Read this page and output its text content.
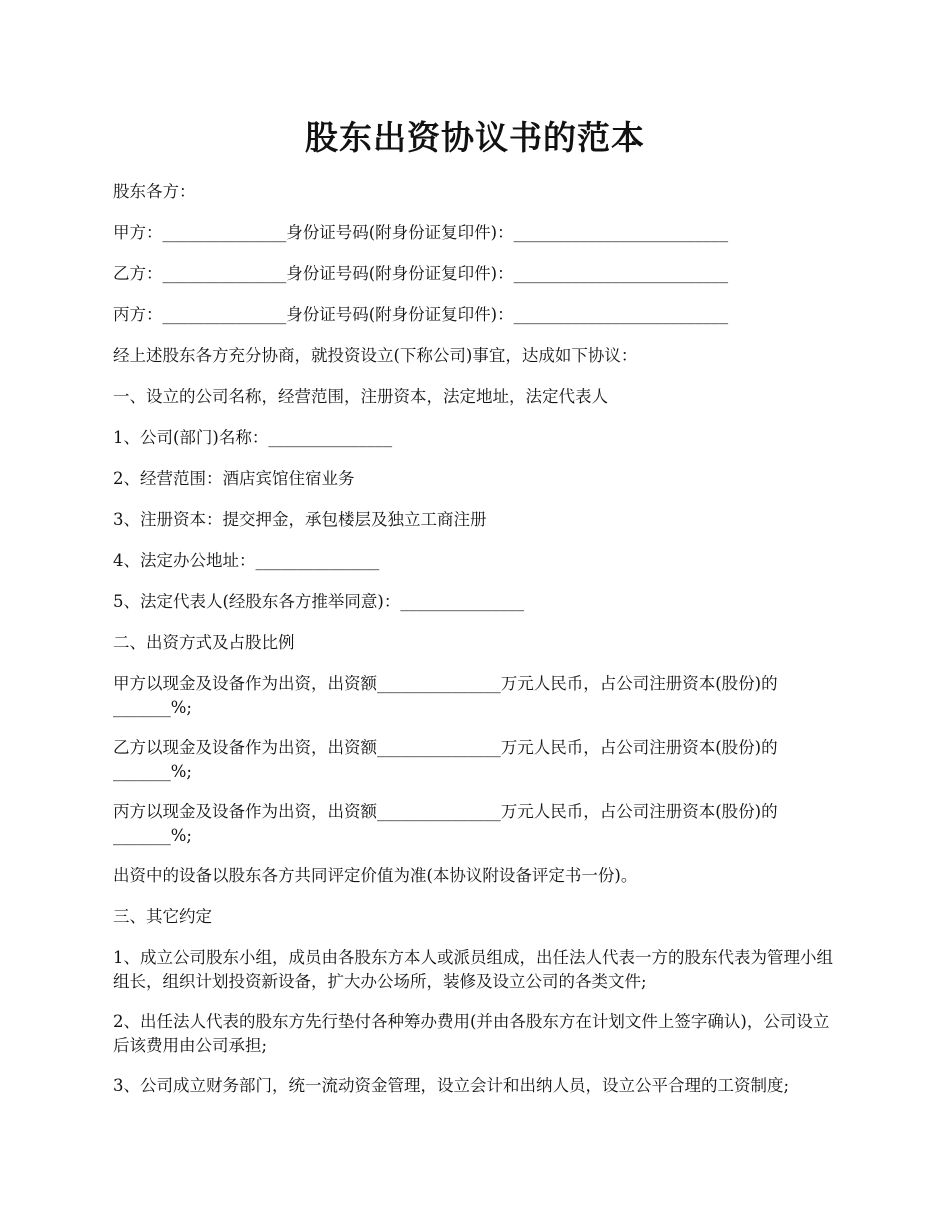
股东出资协议书的范本

股东各方：

甲方：_______________身份证号码(附身份证复印件)：__________________________

乙方：_______________身份证号码(附身份证复印件)：__________________________

丙方：_______________身份证号码(附身份证复印件)：__________________________

经上述股东各方充分协商，就投资设立(下称公司)事宜，达成如下协议：

一、设立的公司名称，经营范围，注册资本，法定地址，法定代表人

1、公司(部门)名称：_______________

2、经营范围：酒店宾馆住宿业务

3、注册资本：提交押金，承包楼层及独立工商注册

4、法定办公地址：_______________

5、法定代表人(经股东各方推举同意)：_______________

二、出资方式及占股比例

甲方以现金及设备作为出资，出资额_______________万元人民币，占公司注册资本(股份)的_______%;

乙方以现金及设备作为出资，出资额_______________万元人民币，占公司注册资本(股份)的_______%;

丙方以现金及设备作为出资，出资额_______________万元人民币，占公司注册资本(股份)的_______%;

出资中的设备以股东各方共同评定价值为准(本协议附设备评定书一份)。

三、其它约定

1、成立公司股东小组，成员由各股东方本人或派员组成，出任法人代表一方的股东代表为管理小组组长，组织计划投资新设备，扩大办公场所，装修及设立公司的各类文件;

2、出任法人代表的股东方先行垫付各种筹办费用(并由各股东方在计划文件上签字确认)，公司设立后该费用由公司承担;

3、公司成立财务部门，统一流动资金管理，设立会计和出纳人员，设立公平合理的工资制度;
